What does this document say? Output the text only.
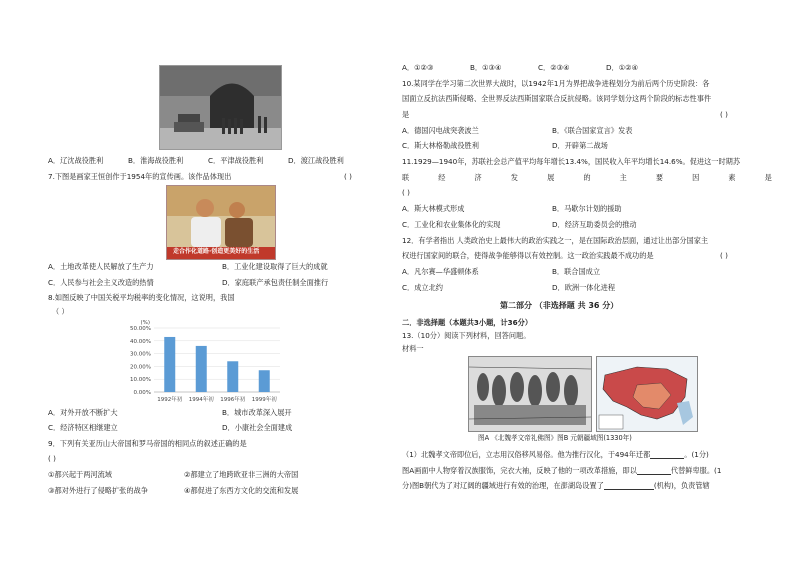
A．辽沈战役胜利	B．淮海战役胜利	C．平津战役胜利	D．渡江战役胜利
7.下图是画家王恒创作于1954年的宣传画。该作品体现出	( )
走合作化道路·创造更美好的生活
A．土地改革使人民解放了生产力	B．工业化建设取得了巨大的成就
C．人民参与社会主义改造的热情	D．家庭联产承包责任制全面推行
8.如图反映了中国关税平均税率的变化情况，这说明，我国
（ ）
(%)
0.00%
10.00%
20.00%
30.00%
40.00%
50.00%
1992年初 1994年初 1996年初 1999年初
A．对外开放不断扩大	B．城市改革深入展开
C．经济特区相继建立	D．小康社会全面建成
9．下列有关亚历山大帝国和罗马帝国的相同点的叙述正确的是
( )
①都兴起于两河流域	②都建立了地跨欧亚非三洲的大帝国
③都对外进行了侵略扩张的战争	④都促进了东西方文化的交流和发展
A．①②③	B．①③④	C．②③④	D．①②④
10.某同学在学习第二次世界大战时，以1942年1月为界把战争进程划分为前后两个历史阶段：各
国面立反抗法西斯侵略、全世界反法西斯国家联合反抗侵略。该同学划分这两个阶段的标志性事件
是	( )
A．德国闪电战突袭波兰	B．《联合国家宣言》发表
C．斯大林格勒战役胜利	D．开辟第二战场
11.1929—1940年，苏联社会总产值平均每年增长13.4%，国民收入年平均增长14.6%。促进这一时期苏
联	经	济	发	展	的	主	要	因	素	是
( )
A．斯大林模式形成	B．马歇尔计划的援助
C．工业化和农业集体化的实现	D．经济互助委员会的推动
12．有学者指出 人类政治史上最伟大的政治实践之一，是在国际政治层面，通过让出部分国家主
权进行国家间的联合，使得战争能够得以有效控制。这一政治实践最不成功的是	( )
A．凡尔赛—华盛顿体系	B．联合国成立
C．成立北约	D．欧洲一体化进程
第二部分 （非选择题 共 36 分）
二．非选择题（本题共3小题，计36分）
13.（10分）阅读下列材料，回答问题。
材料一
图A 《北魏孝文帝礼佛图》图B 元朝疆域图(1330年)
（1）北魏孝文帝即位后，立志用汉俗移风易俗。他为推行汉化，于494年迁都	。(1分)
图A画面中人物穿着汉族服饰，完衣大袖，反映了他的一项改革措施，即以	代替鲜卑服。(1
分)图B朝代为了对辽阔的疆域进行有效的治理，在澎湖岛设置了	(机构)，负责管辖
